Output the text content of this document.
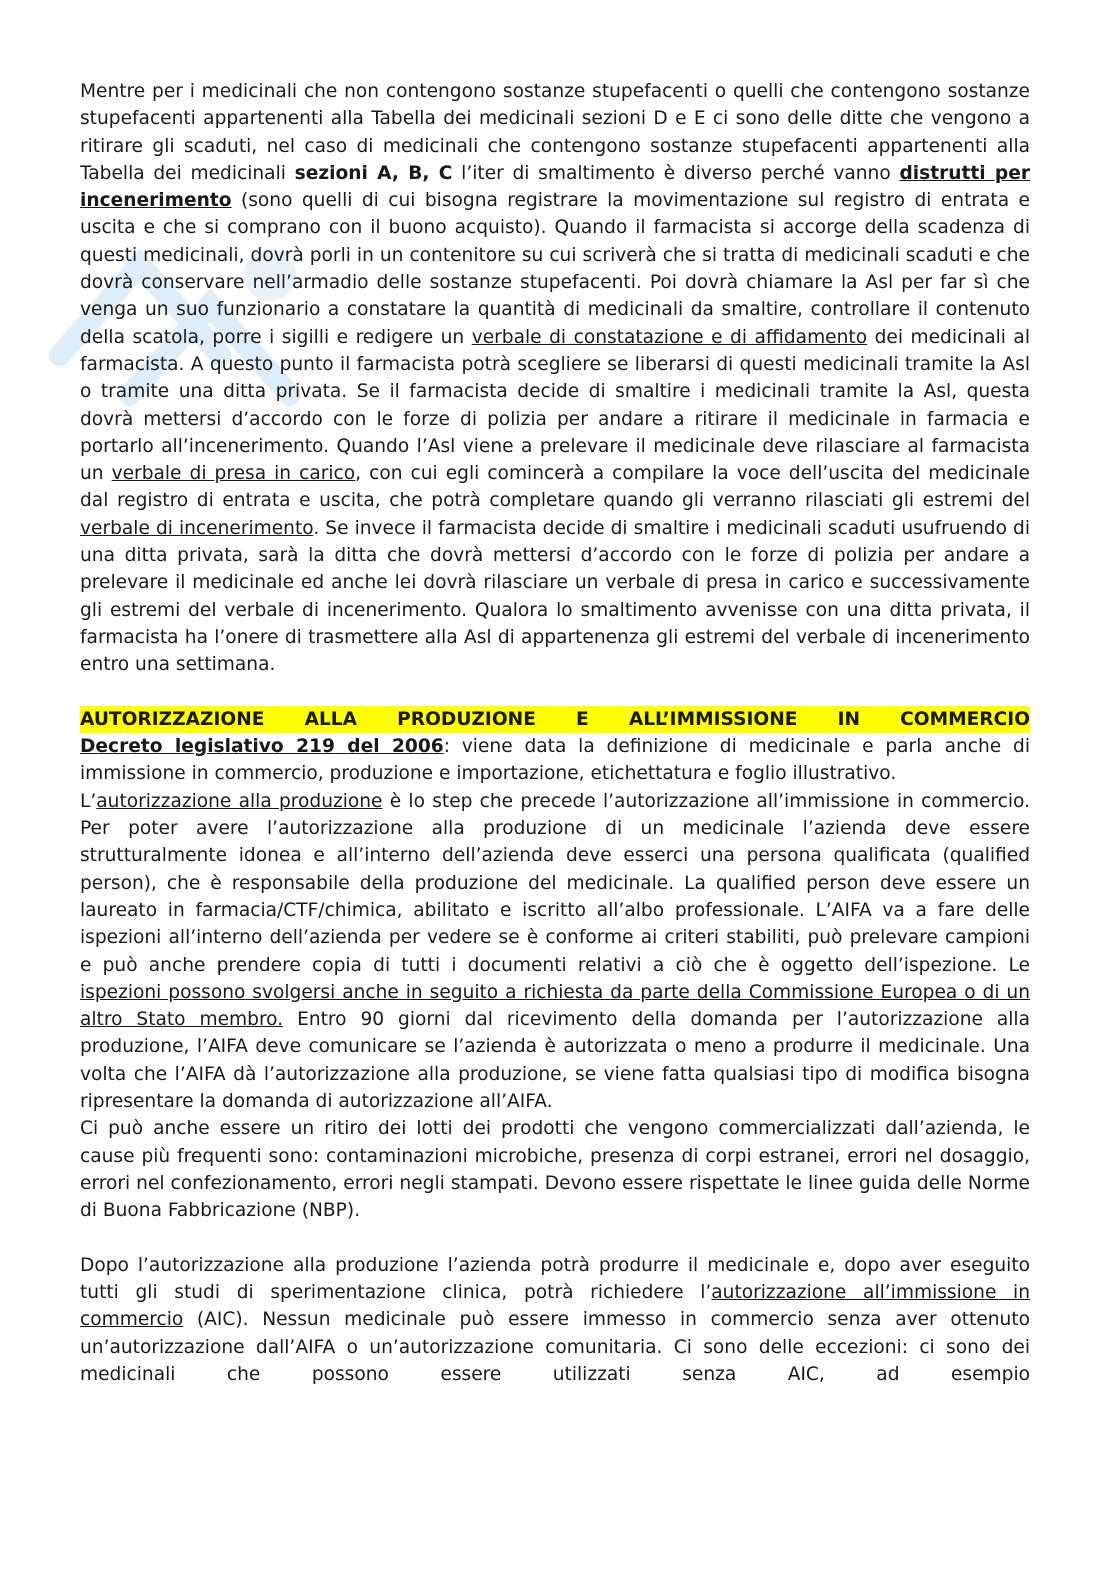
Mentre per i medicinali che non contengono sostanze stupefacenti o quelli che contengono sostanze stupefacenti appartenenti alla Tabella dei medicinali sezioni D e E ci sono delle ditte che vengono a ritirare gli scaduti, nel caso di medicinali che contengono sostanze stupefacenti appartenenti alla Tabella dei medicinali sezioni A, B, C l’iter di smaltimento è diverso perché vanno distrutti per incenerimento (sono quelli di cui bisogna registrare la movimentazione sul registro di entrata e uscita e che si comprano con il buono acquisto). Quando il farmacista si accorge della scadenza di questi medicinali, dovrà porli in un contenitore su cui scriverà che si tratta di medicinali scaduti e che dovrà conservare nell’armadio delle sostanze stupefacenti. Poi dovrà chiamare la Asl per far sì che venga un suo funzionario a constatare la quantità di medicinali da smaltire, controllare il contenuto della scatola, porre i sigilli e redigere un verbale di constatazione e di affidamento dei medicinali al farmacista. A questo punto il farmacista potrà scegliere se liberarsi di questi medicinali tramite la Asl o tramite una ditta privata. Se il farmacista decide di smaltire i medicinali tramite la Asl, questa dovrà mettersi d’accordo con le forze di polizia per andare a ritirare il medicinale in farmacia e portarlo all’incenerimento. Quando l’Asl viene a prelevare il medicinale deve rilasciare al farmacista un verbale di presa in carico, con cui egli comincerà a compilare la voce dell’uscita del medicinale dal registro di entrata e uscita, che potrà completare quando gli verranno rilasciati gli estremi del verbale di incenerimento. Se invece il farmacista decide di smaltire i medicinali scaduti usufruendo di una ditta privata, sarà la ditta che dovrà mettersi d’accordo con le forze di polizia per andare a prelevare il medicinale ed anche lei dovrà rilasciare un verbale di presa in carico e successivamente gli estremi del verbale di incenerimento. Qualora lo smaltimento avvenisse con una ditta privata, il farmacista ha l’onere di trasmettere alla Asl di appartenenza gli estremi del verbale di incenerimento entro una settimana.

AUTORIZZAZIONE ALLA PRODUZIONE E ALL’IMMISSIONE IN COMMERCIO

Decreto legislativo 219 del 2006: viene data la definizione di medicinale e parla anche di immissione in commercio, produzione e importazione, etichettatura e foglio illustrativo.

L’autorizzazione alla produzione è lo step che precede l’autorizzazione all’immissione in commercio. Per poter avere l’autorizzazione alla produzione di un medicinale l’azienda deve essere strutturalmente idonea e all’interno dell’azienda deve esserci una persona qualificata (qualified person), che è responsabile della produzione del medicinale. La qualified person deve essere un laureato in farmacia/CTF/chimica, abilitato e iscritto all’albo professionale. L’AIFA va a fare delle ispezioni all’interno dell’azienda per vedere se è conforme ai criteri stabiliti, può prelevare campioni e può anche prendere copia di tutti i documenti relativi a ciò che è oggetto dell’ispezione. Le ispezioni possono svolgersi anche in seguito a richiesta da parte della Commissione Europea o di un altro Stato membro. Entro 90 giorni dal ricevimento della domanda per l’autorizzazione alla produzione, l’AIFA deve comunicare se l’azienda è autorizzata o meno a produrre il medicinale. Una volta che l’AIFA dà l’autorizzazione alla produzione, se viene fatta qualsiasi tipo di modifica bisogna ripresentare la domanda di autorizzazione all’AIFA.

Ci può anche essere un ritiro dei lotti dei prodotti che vengono commercializzati dall’azienda, le cause più frequenti sono: contaminazioni microbiche, presenza di corpi estranei, errori nel dosaggio, errori nel confezionamento, errori negli stampati. Devono essere rispettate le linee guida delle Norme di Buona Fabbricazione (NBP).

Dopo l’autorizzazione alla produzione l’azienda potrà produrre il medicinale e, dopo aver eseguito tutti gli studi di sperimentazione clinica, potrà richiedere l’autorizzazione all’immissione in commercio (AIC). Nessun medicinale può essere immesso in commercio senza aver ottenuto un’autorizzazione dall’AIFA o un’autorizzazione comunitaria. Ci sono delle eccezioni: ci sono dei medicinali che possono essere utilizzati senza AIC, ad esempio
